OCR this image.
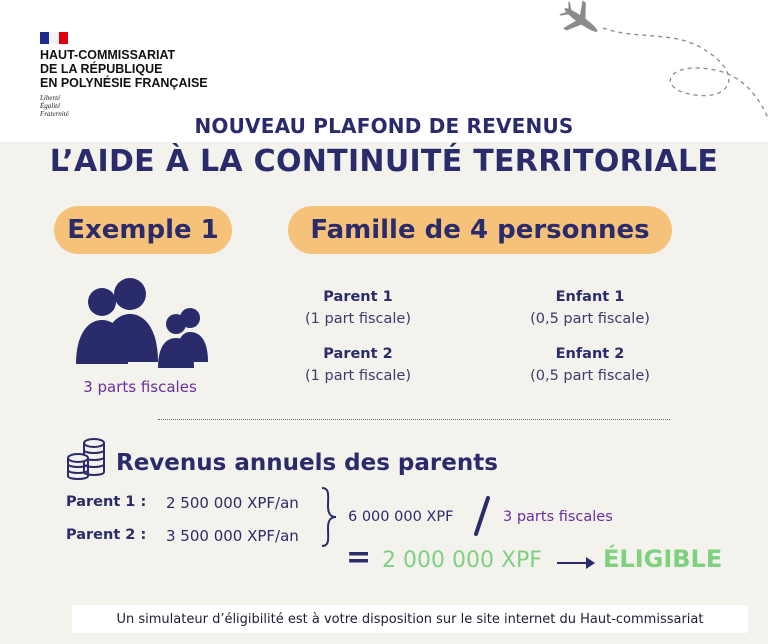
HAUT-COMMISSARIAT
DE LA RÉPUBLIQUE
EN POLYNÉSIE FRANÇAISE
Liberté
Égalité
Fraternité	NOUVEAU PLAFOND DE REVENUS
L’AIDE À LA CONTINUITÉ TERRITORIALE
Exemple 1	Famille de 4 personnes
3 parts fiscales
Parent 1
(1 part fiscale)
Parent 2
(1 part fiscale)
Enfant 1
(0,5 part fiscale)
Enfant 2
(0,5 part fiscale)
Revenus annuels des parents
Parent 1 : 2 500 000 XPF/an
Parent 2 : 3 500 000 XPF/an
6 000 000 XPF	3 parts fiscales
= 2 000 000 XPF	ÉLIGIBLE
Un simulateur d’éligibilité est à votre disposition sur le site internet du Haut-commissariat
